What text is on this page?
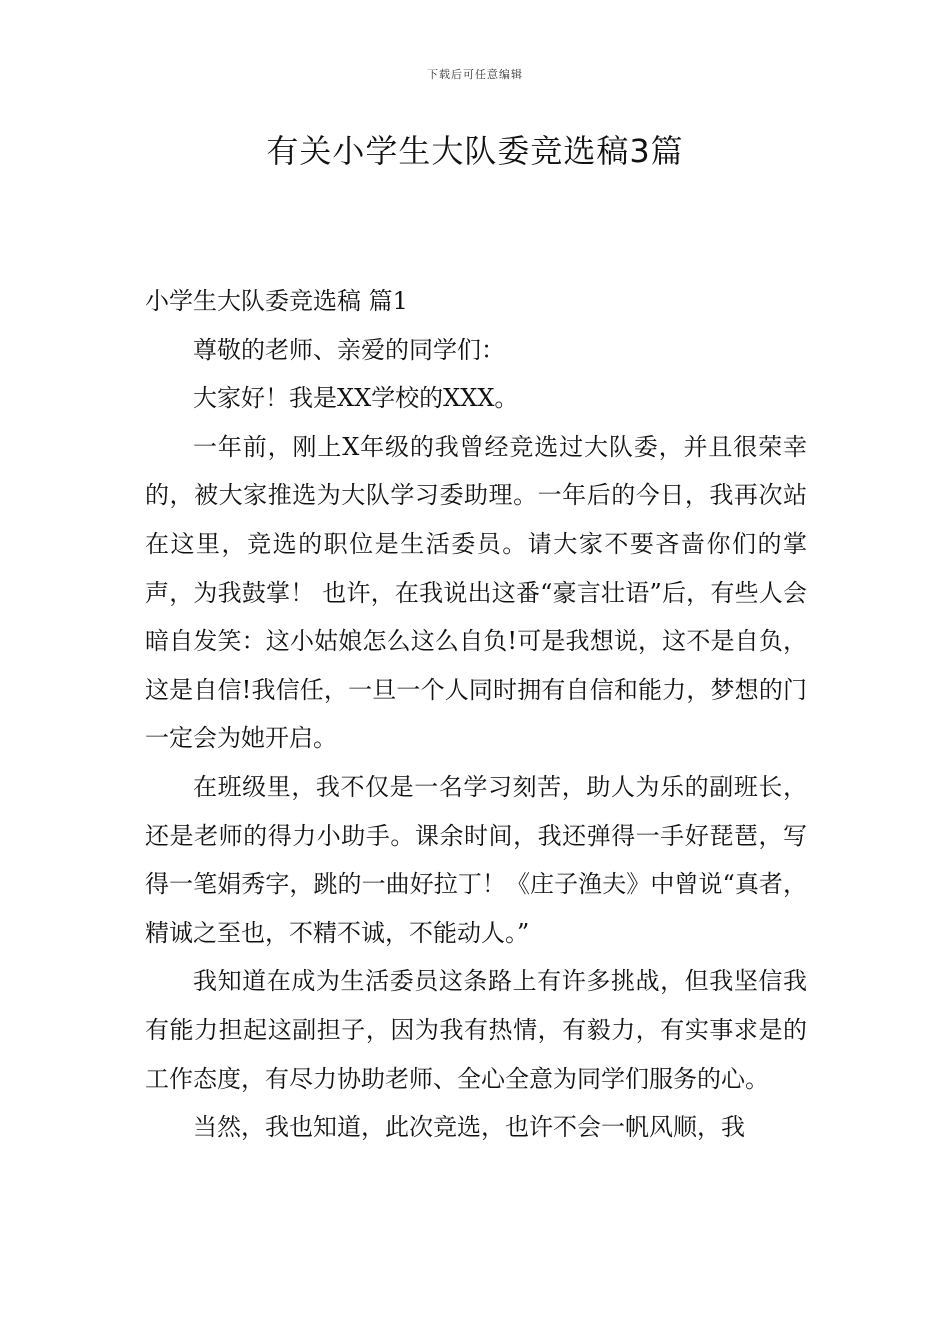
下载后可任意编辑
有关小学生大队委竞选稿3篇

小学生大队委竞选稿 篇1

尊敬的老师、亲爱的同学们：

大家好！我是XX学校的XXX。

一年前，刚上X年级的我曾经竞选过大队委，并且很荣幸的，被大家推选为大队学习委助理。一年后的今日，我再次站在这里，竞选的职位是生活委员。请大家不要吝啬你们的掌声，为我鼓掌！ 也许，在我说出这番“豪言壮语”后，有些人会暗自发笑：这小姑娘怎么这么自负!可是我想说，这不是自负，这是自信!我信任，一旦一个人同时拥有自信和能力，梦想的门一定会为她开启。

在班级里，我不仅是一名学习刻苦，助人为乐的副班长，还是老师的得力小助手。课余时间，我还弹得一手好琵琶，写得一笔娟秀字，跳的一曲好拉丁！《庄子渔夫》中曾说“真者，精诚之至也，不精不诚，不能动人。”

我知道在成为生活委员这条路上有许多挑战，但我坚信我有能力担起这副担子，因为我有热情，有毅力，有实事求是的工作态度，有尽力协助老师、全心全意为同学们服务的心。

当然，我也知道，此次竞选，也许不会一帆风顺，我
